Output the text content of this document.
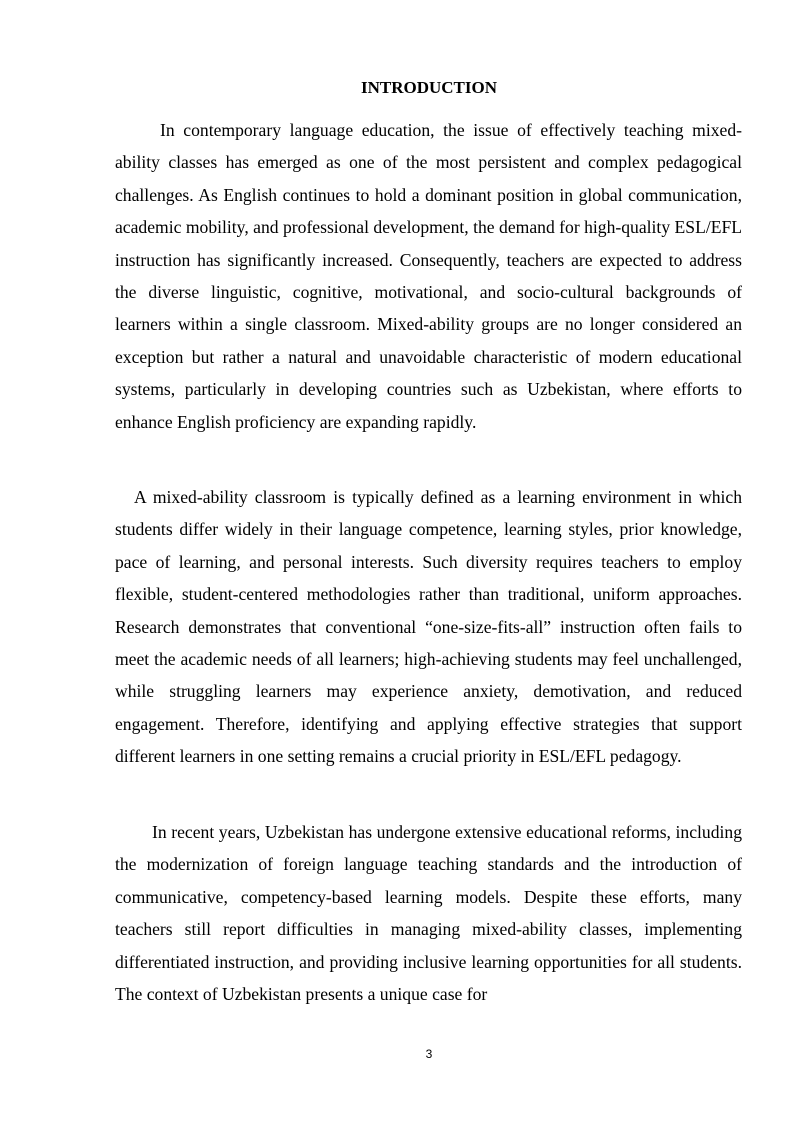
INTRODUCTION

In contemporary language education, the issue of effectively teaching mixed-ability classes has emerged as one of the most persistent and complex pedagogical challenges. As English continues to hold a dominant position in global communication, academic mobility, and professional development, the demand for high-quality ESL/EFL instruction has significantly increased. Consequently, teachers are expected to address the diverse linguistic, cognitive, motivational, and socio-cultural backgrounds of learners within a single classroom. Mixed-ability groups are no longer considered an exception but rather a natural and unavoidable characteristic of modern educational systems, particularly in developing countries such as Uzbekistan, where efforts to enhance English proficiency are expanding rapidly.

A mixed-ability classroom is typically defined as a learning environment in which students differ widely in their language competence, learning styles, prior knowledge, pace of learning, and personal interests. Such diversity requires teachers to employ flexible, student-centered methodologies rather than traditional, uniform approaches. Research demonstrates that conventional “one-size-fits-all” instruction often fails to meet the academic needs of all learners; high-achieving students may feel unchallenged, while struggling learners may experience anxiety, demotivation, and reduced engagement. Therefore, identifying and applying effective strategies that support different learners in one setting remains a crucial priority in ESL/EFL pedagogy.

In recent years, Uzbekistan has undergone extensive educational reforms, including the modernization of foreign language teaching standards and the introduction of communicative, competency-based learning models. Despite these efforts, many teachers still report difficulties in managing mixed-ability classes, implementing differentiated instruction, and providing inclusive learning opportunities for all students. The context of Uzbekistan presents a unique case for

3
